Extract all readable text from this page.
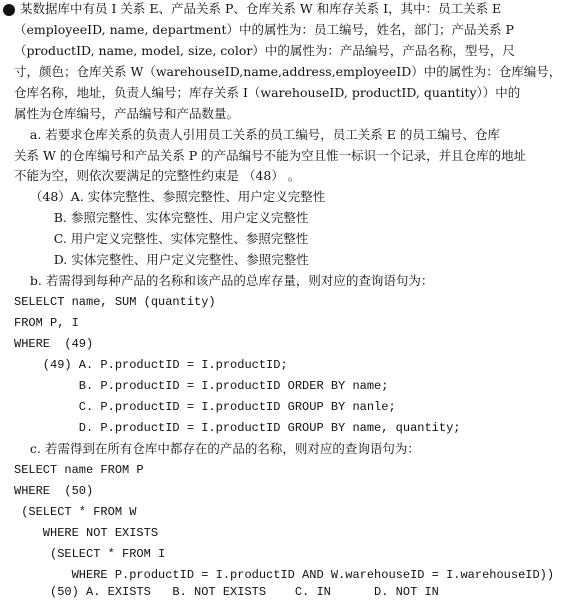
某数据库中有员 I 关系 E、产品关系 P、仓库关系 W 和库存关系 I，其中：员工关系 E
（employeeID, name, department）中的属性为：员工编号，姓名，部门；产品关系 P
（productID, name, model, size, color）中的属性为：产品编号，产品名称，型号，尺
寸，颜色；仓库关系 W（warehouseID,name,address,employeeID）中的属性为：仓库编号，
仓库名称，地址，负责人编号；库存关系 I（warehouseID, productID, quantity））中的
属性为仓库编号，产品编号和产品数量。
a. 若要求仓库关系的负责人引用员工关系的员工编号，员工关系 E 的员工编号、仓库
关系 W 的仓库编号和产品关系 P 的产品编号不能为空且惟一标识一个记录，并且仓库的地址
不能为空，则依次要满足的完整性约束是 （48） 。
（48）A. 实体完整性、参照完整性、用户定义完整性
B. 参照完整性、实体完整性、用户定义完整性
C. 用户定义完整性、实体完整性、参照完整性
D. 实体完整性、用户定义完整性、参照完整性
b. 若需得到每种产品的名称和该产品的总库存量，则对应的查询语句为：
SELELCT name, SUM (quantity)
FROM P, I
WHERE  (49)
(49) A. P.productID = I.productID;
B. P.productID = I.productID ORDER BY name;
C. P.productID = I.productID GROUP BY nanle;
D. P.productID = I.productID GROUP BY name, quantity;
c. 若需得到在所有仓库中都存在的产品的名称，则对应的查询语句为：
SELECT name FROM P
WHERE  (50)
(SELECT * FROM W
WHERE NOT EXISTS
(SELECT * FROM I
WHERE P.productID = I.productID AND W.warehouseID = I.warehouseID))
(50) A. EXISTS   B. NOT EXISTS    C. IN      D. NOT IN
